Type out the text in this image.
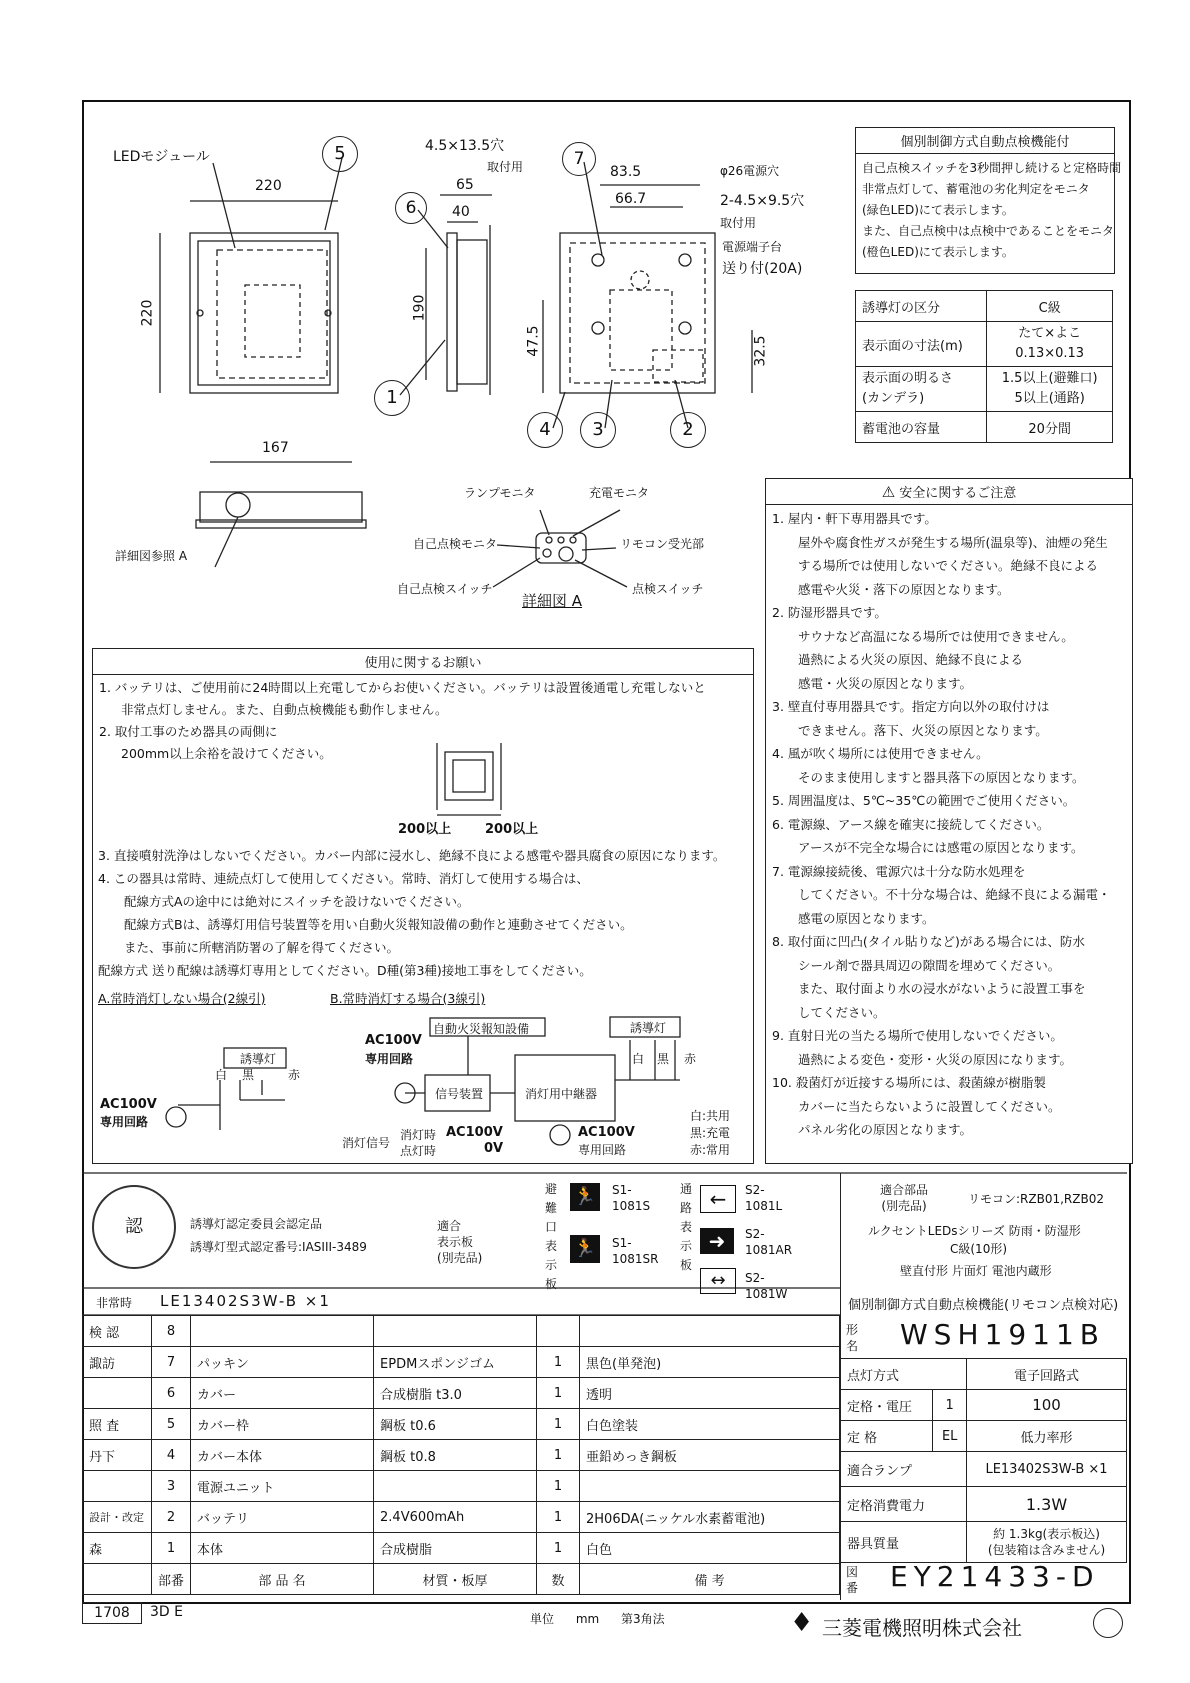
5
6
7
1
4	3	2
LEDモジュール
220
220
65
40
190
4.5×13.5穴
取付用	83.5
66.7
φ26電源穴
2-4.5×9.5穴
取付用
電源端子台
送り付(20A)
47.5	32.5
167
詳細図参照 A
ランプモニタ	充電モニタ
自己点検モニタ	リモコン受光部
自己点検スイッチ	点検スイッチ
詳細図 A
個別制御方式自動点検機能付
自己点検スイッチを3秒間押し続けると定格時間
非常点灯して、蓄電池の劣化判定をモニタ
(緑色LED)にて表示します。
また、自己点検中は点検中であることをモニタ
(橙色LED)にて表示します。
誘導灯の区分	C級
表示面の寸法(m)	たて×よこ
0.13×0.13
表示面の明るさ
(カンデラ)	1.5以上(避難口)
5以上(通路)
蓄電池の容量	20分間
⚠ 安全に関するご注意
1. 屋内・軒下専用器具です。
屋外や腐食性ガスが発生する場所(温泉等)、油煙の発生
する場所では使用しないでください。絶縁不良による
感電や火災・落下の原因となります。
2. 防湿形器具です。
サウナなど高温になる場所では使用できません。
過熱による火災の原因、絶縁不良による
感電・火災の原因となります。
3. 壁直付専用器具です。指定方向以外の取付けは
できません。落下、火災の原因となります。
4. 風が吹く場所には使用できません。
そのまま使用しますと器具落下の原因となります。
5. 周囲温度は、5℃~35℃の範囲でご使用ください。
6. 電源線、アース線を確実に接続してください。
アースが不完全な場合には感電の原因となります。
7. 電源線接続後、電源穴は十分な防水処理を
してください。不十分な場合は、絶縁不良による漏電・
感電の原因となります。
8. 取付面に凹凸(タイル貼りなど)がある場合には、防水
シール剤で器具周辺の隙間を埋めてください。
また、取付面より水の浸水がないように設置工事を
してください。
9. 直射日光の当たる場所で使用しないでください。
過熱による変色・変形・火災の原因になります。
10. 殺菌灯が近接する場所には、殺菌線が樹脂製
カバーに当たらないように設置してください。
パネル劣化の原因となります。
使用に関するお願い
1. バッテリは、ご使用前に24時間以上充電してからお使いください。バッテリは設置後通電し充電しないと
非常点灯しません。また、自動点検機能も動作しません。
2. 取付工事のため器具の両側に
200mm以上余裕を設けてください。
200以上	200以上
3. 直接噴射洗浄はしないでください。カバー内部に浸水し、絶縁不良による感電や器具腐食の原因になります。
4. この器具は常時、連続点灯して使用してください。常時、消灯して使用する場合は、
配線方式Aの途中には絶対にスイッチを設けないでください。
配線方式Bは、誘導灯用信号装置等を用い自動火災報知設備の動作と連動させてください。
また、事前に所轄消防署の了解を得てください。
配線方式 送り配線は誘導灯専用としてください。D種(第3種)接地工事をしてください。
A.常時消灯しない場合(2線引)	B.常時消灯する場合(3線引)
誘導灯
白 黒	赤
AC100V
専用回路
AC100V
専用回路
自動火災報知設備
信号装置	消灯用中継器
誘導灯
白 黒 赤
AC100V
専用回路
消灯信号
消灯時
点灯時
AC100V
0V
白:共用
黒:充電
赤:常用
認	誘導灯認定委員会認定品
誘導灯型式認定番号:IASIII-3489
適合
表示板
(別売品)
避難口表示板
通路表示板
🏃
🏃
S1-
1081S
S1-
1081SR
←
➜
↔
S2-
1081L
S2-
1081AR
S2-
1081W
非常時 LE13402S3W-B ×1
適合部品
(別売品)	リモコン:RZB01,RZB02
ルクセントLEDsシリーズ 防雨・防湿形
C級(10形)
壁直付形 片面灯 電池内蔵形
個別制御方式自動点検機能(リモコン点検対応)
形名 WSH1911B
点灯方式		電子回路式
定格・電圧	1	100
定 格	EL	低力率形
適合ランプ		LE13402S3W-B ×1
定格消費電力		1.3W
器具質量		約 1.3kg(表示板込)
(包装箱は含みません)
図番 EY21433-D
検 認	8				
諏訪	7	パッキン	EPDMスポンジゴム	1	黒色(単発泡)
	6	カバー	合成樹脂 t3.0	1	透明
照 査	5	カバー枠	鋼板 t0.6	1	白色塗装
丹下	4	カバー本体	鋼板 t0.8	1	亜鉛めっき鋼板
	3	電源ユニット		1	
設計・改定	2	バッテリ	2.4V600mAh	1	2H06DA(ニッケル水素蓄電池)
森	1	本体	合成樹脂	1	白色
	部番	部 品 名	材質・板厚	数	備 考
1708	3D E	単位 mm 第3角法	♦ 三菱電機照明株式会社
